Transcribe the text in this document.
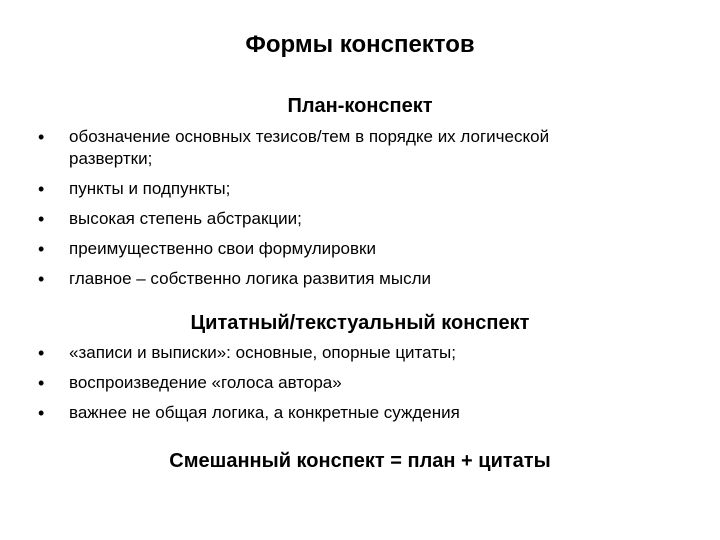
Формы конспектов
План-конспект
• обозначение основных тезисов/тем в порядке их логической развертки;
• пункты и подпункты;
• высокая степень абстракции;
• преимущественно свои формулировки
• главное – собственно логика развития мысли
Цитатный/текстуальный конспект
• «записи и выписки»: основные, опорные цитаты;
• воспроизведение «голоса автора»
• важнее не общая логика, а конкретные суждения
Смешанный конспект = план + цитаты
